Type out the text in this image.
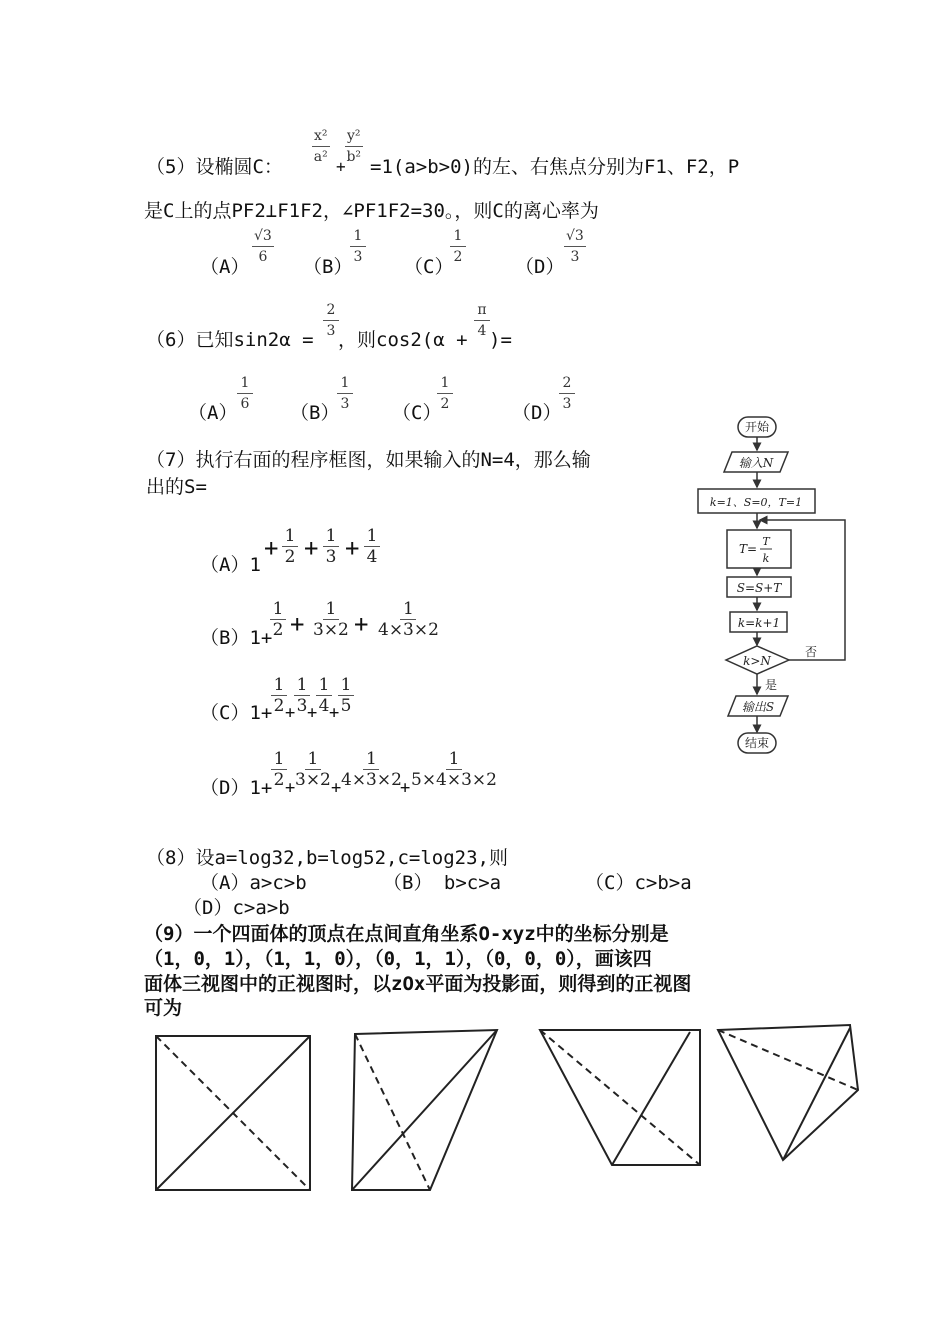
（5）设椭圆C：
x²
a² +
y²
b² =1(a>b>0)的左、右焦点分别为F1、F2，P
是C上的点PF2⊥F1F2，∠PF1F2=30。，则C的离心率为
（A）
√3
6 （B）
1
3 （C）
1
2	（D）
√3
3
（6）已知sin2α =
2
3 ，则cos2(α +
π
4 )=
（A）
1
6 （B）
1
3 （C）
1
2	（D）
2
3
（7）执行右面的程序框图，如果输入的N=4，那么输
出的S=
（A）1
+ 1
2 + 1
3 + 1
4
（B）1+
1
2 +
1
3×2 +
1
4×3×2
（C）1+
1
2 +
1
3 +
1
4 +
1
5
（D）1+
1
2 +
1
3×2 +
1
4×3×2
+
1
5×4×3×2
开始
输入N
k=1、S=0，T=1
T=
T
k
S=S+T
k=k+1
k>N
否
是
输出S
结束
（8）设a=log32,b=log52,c=log23,则
（A）a>c>b	（B） b>c>a	（C）c>b>a
（D）c>a>b
（9）一个四面体的顶点在点间直角坐系O-xyz中的坐标分别是
（1，0，1），（1，1，0），（0，1，1），（0，0，0），画该四
面体三视图中的正视图时，以zOx平面为投影面，则得到的正视图
可为
